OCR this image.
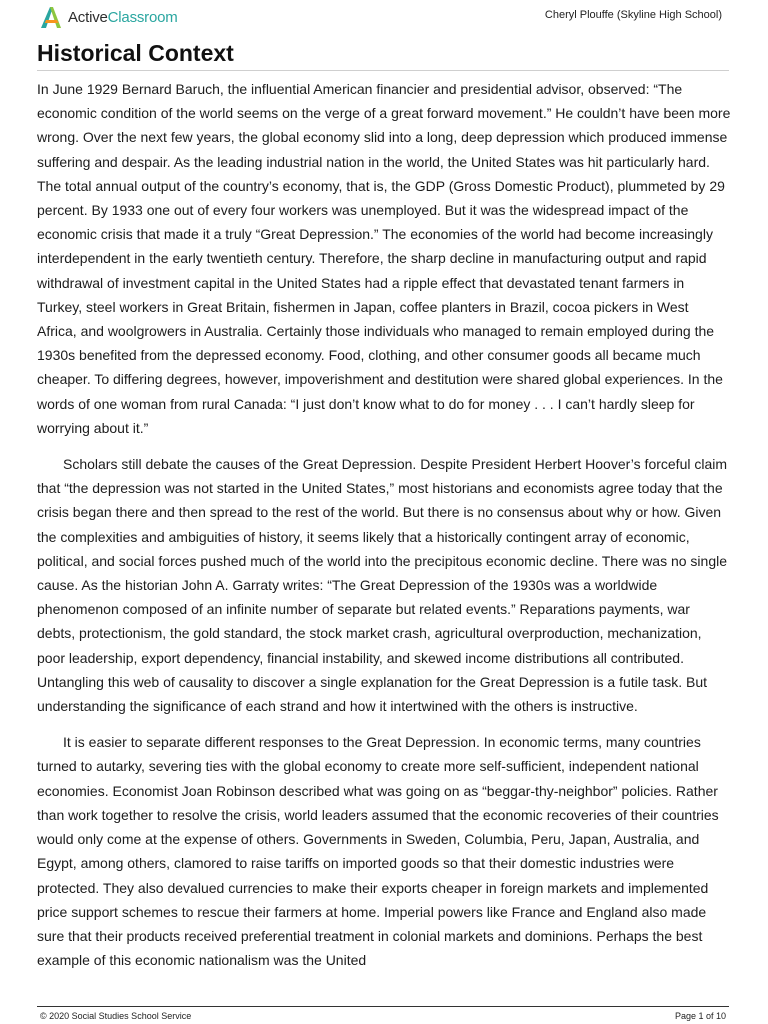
ActiveClassroom	Cheryl Plouffe (Skyline High School)
Historical Context

In June 1929 Bernard Baruch, the influential American financier and presidential advisor, observed: “The economic condition of the world seems on the verge of a great forward movement.” He couldn’t have been more wrong. Over the next few years, the global economy slid into a long, deep depression which produced immense suffering and despair. As the leading industrial nation in the world, the United States was hit particularly hard. The total annual output of the country’s economy, that is, the GDP (Gross Domestic Product), plummeted by 29 percent. By 1933 one out of every four workers was unemployed. But it was the widespread impact of the economic crisis that made it a truly “Great Depression.” The economies of the world had become increasingly interdependent in the early twentieth century. Therefore, the sharp decline in manufacturing output and rapid withdrawal of investment capital in the United States had a ripple effect that devastated tenant farmers in Turkey, steel workers in Great Britain, fishermen in Japan, coffee planters in Brazil, cocoa pickers in West Africa, and woolgrowers in Australia. Certainly those individuals who managed to remain employed during the 1930s benefited from the depressed economy. Food, clothing, and other consumer goods all became much cheaper. To differing degrees, however, impoverishment and destitution were shared global experiences. In the words of one woman from rural Canada: “I just don’t know what to do for money . . . I can’t hardly sleep for worrying about it.”

Scholars still debate the causes of the Great Depression. Despite President Herbert Hoover’s forceful claim that “the depression was not started in the United States,” most historians and economists agree today that the crisis began there and then spread to the rest of the world. But there is no consensus about why or how. Given the complexities and ambiguities of history, it seems likely that a historically contingent array of economic, political, and social forces pushed much of the world into the precipitous economic decline. There was no single cause. As the historian John A. Garraty writes: “The Great Depression of the 1930s was a worldwide phenomenon composed of an infinite number of separate but related events.” Reparations payments, war debts, protectionism, the gold standard, the stock market crash, agricultural overproduction, mechanization, poor leadership, export dependency, financial instability, and skewed income distributions all contributed. Untangling this web of causality to discover a single explanation for the Great Depression is a futile task. But understanding the significance of each strand and how it intertwined with the others is instructive.

It is easier to separate different responses to the Great Depression. In economic terms, many countries turned to autarky, severing ties with the global economy to create more self-sufficient, independent national economies. Economist Joan Robinson described what was going on as “beggar-thy-neighbor” policies. Rather than work together to resolve the crisis, world leaders assumed that the economic recoveries of their countries would only come at the expense of others. Governments in Sweden, Columbia, Peru, Japan, Australia, and Egypt, among others, clamored to raise tariffs on imported goods so that their domestic industries were protected. They also devalued currencies to make their exports cheaper in foreign markets and implemented price support schemes to rescue their farmers at home. Imperial powers like France and England also made sure that their products received preferential treatment in colonial markets and dominions. Perhaps the best example of this economic nationalism was the United

© 2020 Social Studies School Service	Page 1 of 10
